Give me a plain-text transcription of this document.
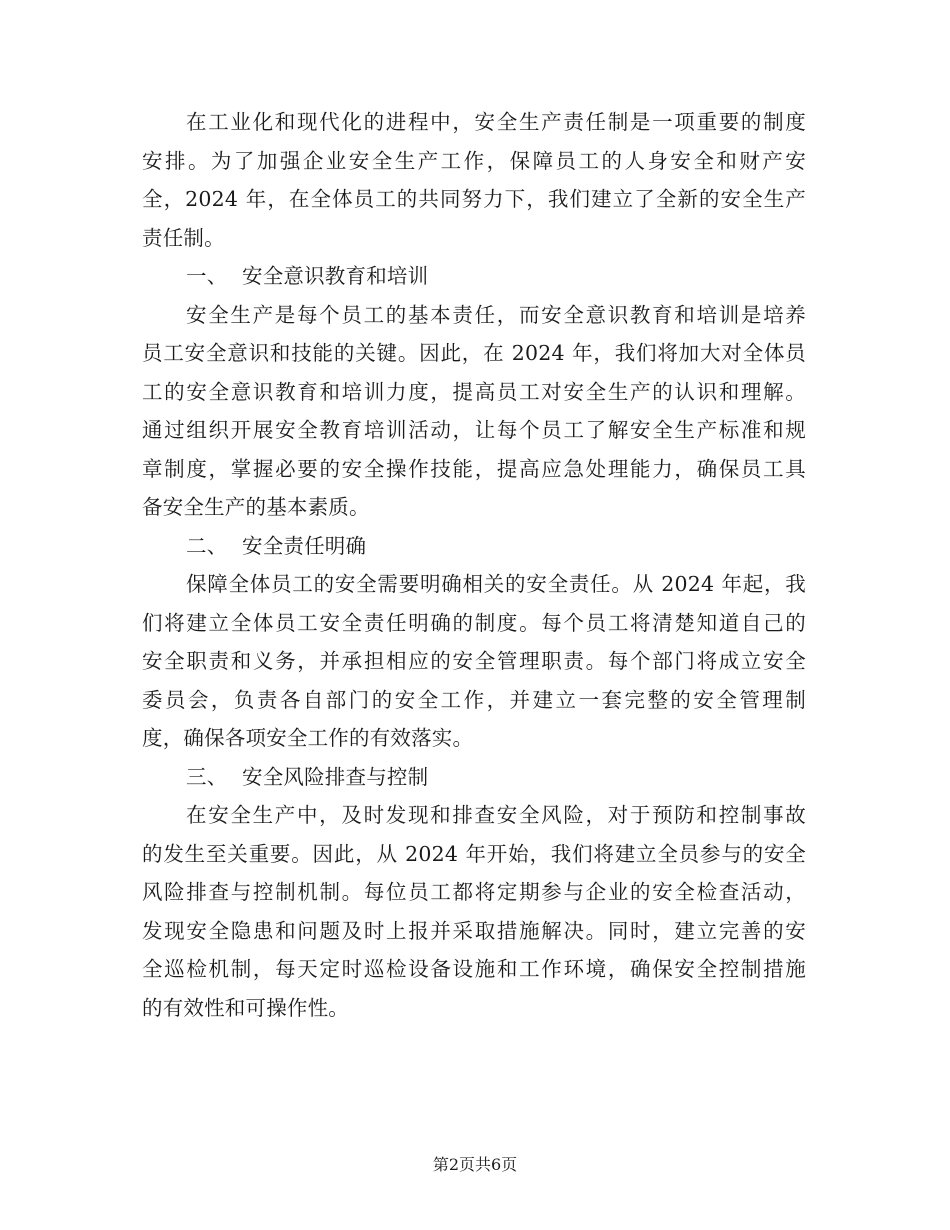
在工业化和现代化的进程中，安全生产责任制是一项重要的制度
安排。为了加强企业安全生产工作，保障员工的人身安全和财产安
全，2024 年，在全体员工的共同努力下，我们建立了全新的安全生产
责任制。
一、 安全意识教育和培训
安全生产是每个员工的基本责任，而安全意识教育和培训是培养
员工安全意识和技能的关键。因此，在 2024 年，我们将加大对全体员
工的安全意识教育和培训力度，提高员工对安全生产的认识和理解。
通过组织开展安全教育培训活动，让每个员工了解安全生产标准和规
章制度，掌握必要的安全操作技能，提高应急处理能力，确保员工具
备安全生产的基本素质。
二、 安全责任明确
保障全体员工的安全需要明确相关的安全责任。从 2024 年起，我
们将建立全体员工安全责任明确的制度。每个员工将清楚知道自己的
安全职责和义务，并承担相应的安全管理职责。每个部门将成立安全
委员会，负责各自部门的安全工作，并建立一套完整的安全管理制
度，确保各项安全工作的有效落实。
三、 安全风险排查与控制
在安全生产中，及时发现和排查安全风险，对于预防和控制事故
的发生至关重要。因此，从 2024 年开始，我们将建立全员参与的安全
风险排查与控制机制。每位员工都将定期参与企业的安全检查活动，
发现安全隐患和问题及时上报并采取措施解决。同时，建立完善的安
全巡检机制，每天定时巡检设备设施和工作环境，确保安全控制措施
的有效性和可操作性。
第2页共6页
